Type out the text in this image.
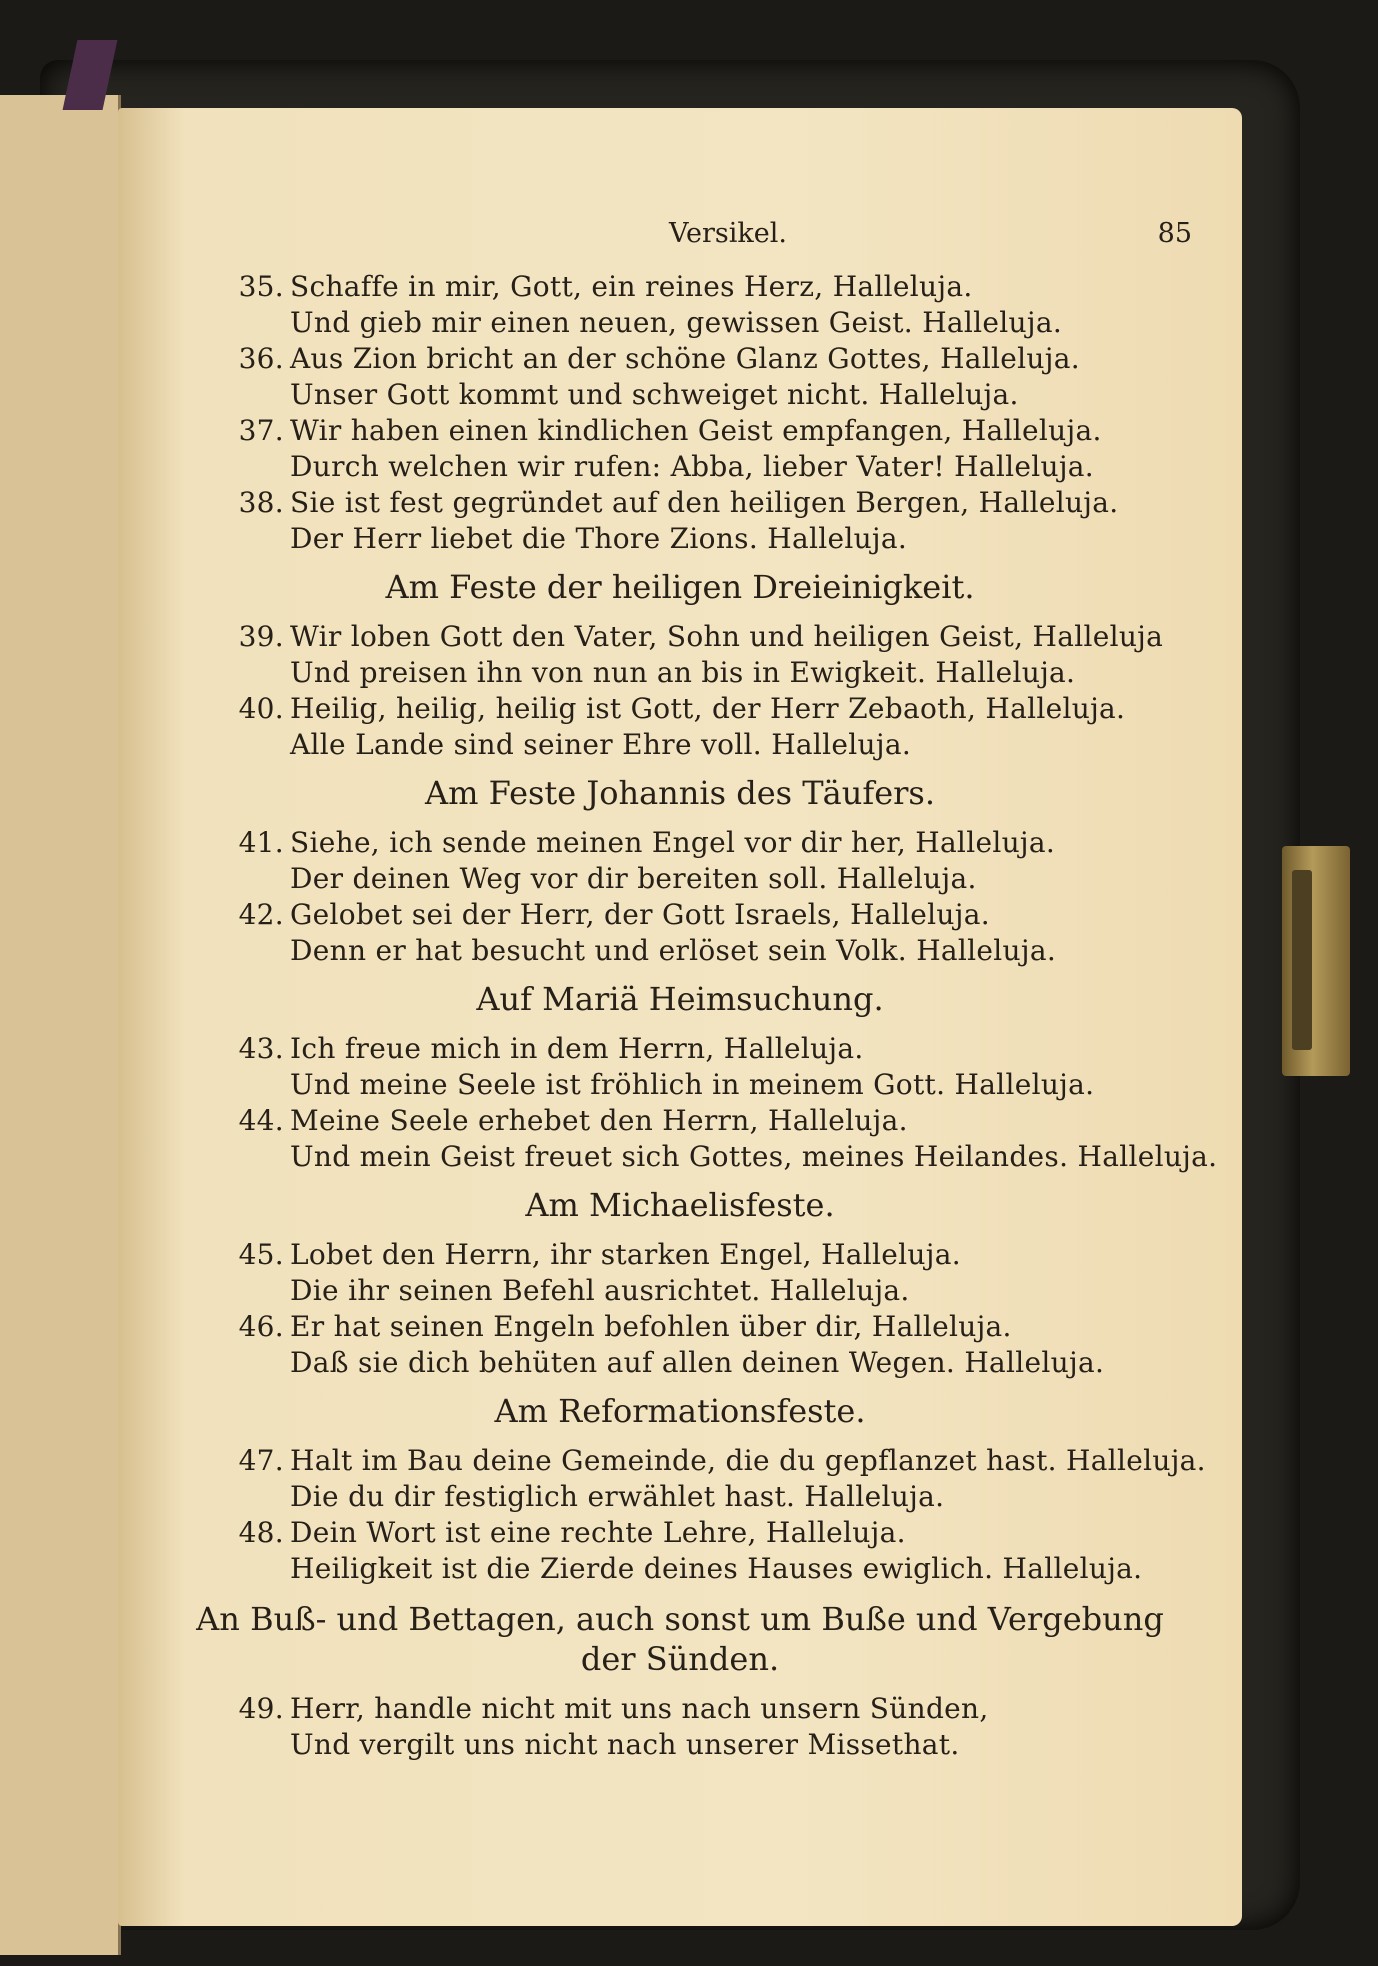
Versikel.	85
35. Schaffe in mir, Gott, ein reines Herz, Halleluja.
Und gieb mir einen neuen, gewissen Geist. Halleluja.
36. Aus Zion bricht an der schöne Glanz Gottes, Halleluja.
Unser Gott kommt und schweiget nicht. Halleluja.
37. Wir haben einen kindlichen Geist empfangen, Halleluja.
Durch welchen wir rufen: Abba, lieber Vater! Halleluja.
38. Sie ist fest gegründet auf den heiligen Bergen, Halleluja.
Der Herr liebet die Thore Zions. Halleluja.
Am Feste der heiligen Dreieinigkeit.
39. Wir loben Gott den Vater, Sohn und heiligen Geist, Halleluja
Und preisen ihn von nun an bis in Ewigkeit. Halleluja.
40. Heilig, heilig, heilig ist Gott, der Herr Zebaoth, Halleluja.
Alle Lande sind seiner Ehre voll. Halleluja.
Am Feste Johannis des Täufers.
41. Siehe, ich sende meinen Engel vor dir her, Halleluja.
Der deinen Weg vor dir bereiten soll. Halleluja.
42. Gelobet sei der Herr, der Gott Israels, Halleluja.
Denn er hat besucht und erlöset sein Volk. Halleluja.
Auf Mariä Heimsuchung.
43. Ich freue mich in dem Herrn, Halleluja.
Und meine Seele ist fröhlich in meinem Gott. Halleluja.
44. Meine Seele erhebet den Herrn, Halleluja.
Und mein Geist freuet sich Gottes, meines Heilandes. Halleluja.
Am Michaelisfeste.
45. Lobet den Herrn, ihr starken Engel, Halleluja.
Die ihr seinen Befehl ausrichtet. Halleluja.
46. Er hat seinen Engeln befohlen über dir, Halleluja.
Daß sie dich behüten auf allen deinen Wegen. Halleluja.
Am Reformationsfeste.
47. Halt im Bau deine Gemeinde, die du gepflanzet hast. Halleluja.
Die du dir festiglich erwählet hast. Halleluja.
48. Dein Wort ist eine rechte Lehre, Halleluja.
Heiligkeit ist die Zierde deines Hauses ewiglich. Halleluja.
An Buß- und Bettagen, auch sonst um Buße und Vergebung
der Sünden.
49. Herr, handle nicht mit uns nach unsern Sünden,
Und vergilt uns nicht nach unserer Missethat.
